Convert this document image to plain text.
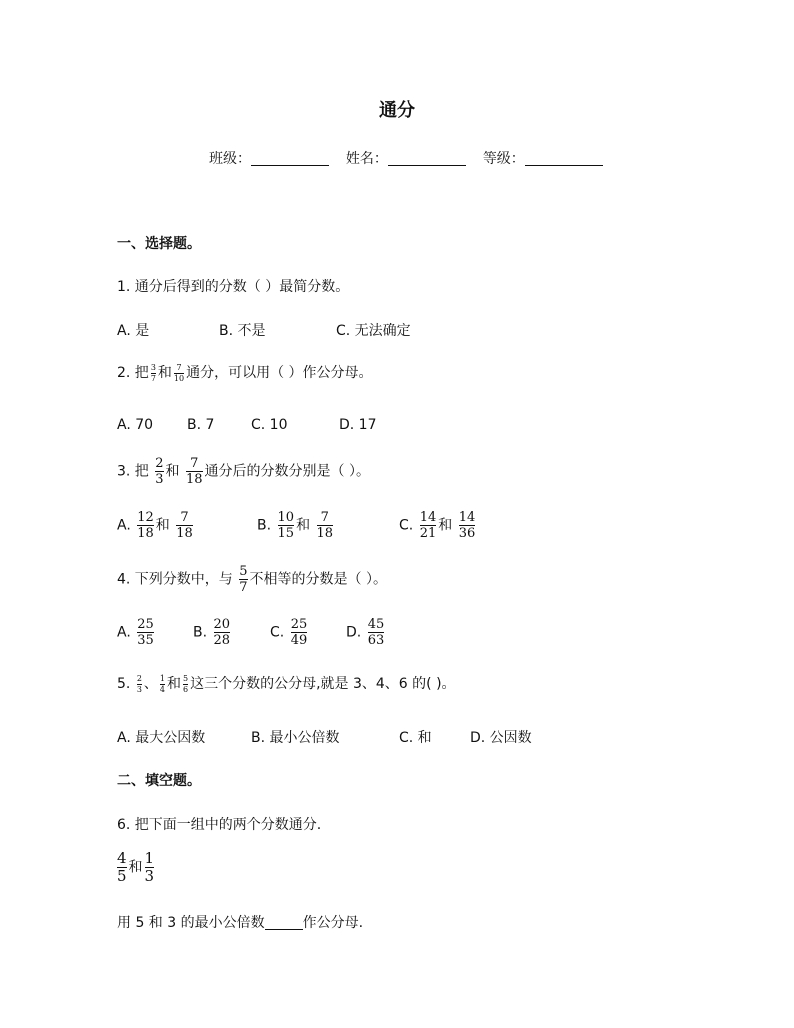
通分
班级：	姓名：	等级：
一、选择题。
1. 通分后得到的分数（ ）最简分数。
A. 是	B. 不是	C. 无法确定
2. 把 $\frac{3}{7}$ 和 $\frac{7}{10}$ 通分，可以用（ ）作公分母。
A. 70 B. 7	C. 10	D. 17
3. 把 $\frac{2}{3}$ 和 $\frac{7}{18}$ 通分后的分数分别是（ ）。
A. $\frac{12}{18}$ 和 $\frac{7}{18}$	B. $\frac{10}{15}$ 和 $\frac{7}{18}$	C. $\frac{14}{21}$ 和 $\frac{14}{36}$
4. 下列分数中，与 $\frac{5}{7}$ 不相等的分数是（ ）。
A. $\frac{25}{35}$	B. $\frac{20}{28}$	C. $\frac{25}{49}$	D. $\frac{45}{63}$
5. $\frac{2}{3}$ 、 $\frac{1}{4}$ 和 $\frac{5}{6}$ 这三个分数的公分母,就是 3、4、6 的( )。
A. 最大公因数	B. 最小公倍数	C. 和	D. 公因数
二、填空题。
6. 把下面一组中的两个分数通分.
$\frac{4}{5}$ 和 $\frac{1}{3}$
用 5 和 3 的最小公倍数	作公分母.
